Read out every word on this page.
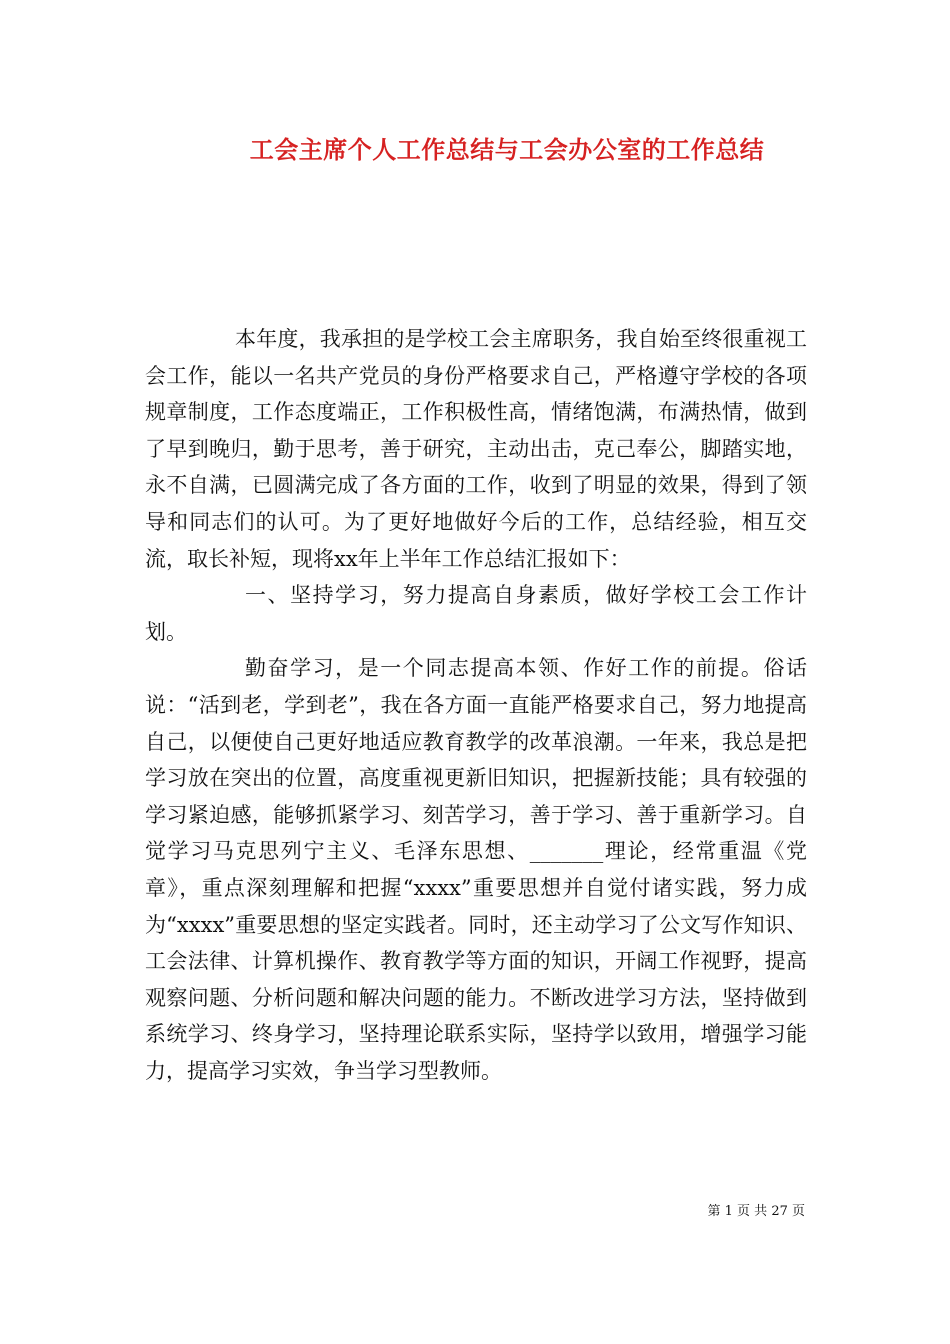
工会主席个人工作总结与工会办公室的工作总结

本年度，我承担的是学校工会主席职务，我自始至终很重视工会工作，能以一名共产党员的身份严格要求自己，严格遵守学校的各项规章制度，工作态度端正，工作积极性高，情绪饱满，布满热情，做到了早到晚归，勤于思考，善于研究，主动出击，克己奉公，脚踏实地，永不自满，已圆满完成了各方面的工作，收到了明显的效果，得到了领导和同志们的认可。为了更好地做好今后的工作，总结经验，相互交流，取长补短，现将xx年上半年工作总结汇报如下：

一、坚持学习，努力提高自身素质，做好学校工会工作计划。

勤奋学习，是一个同志提高本领、作好工作的前提。俗话说：“活到老，学到老”，我在各方面一直能严格要求自己，努力地提高自己，以便使自己更好地适应教育教学的改革浪潮。一年来，我总是把学习放在突出的位置，高度重视更新旧知识，把握新技能；具有较强的学习紧迫感，能够抓紧学习、刻苦学习，善于学习、善于重新学习。自觉学习马克思列宁主义、毛泽东思想、_______理论，经常重温《党章》，重点深刻理解和把握“xxxx”重要思想并自觉付诸实践，努力成为“xxxx”重要思想的坚定实践者。同时，还主动学习了公文写作知识、工会法律、计算机操作、教育教学等方面的知识，开阔工作视野，提高观察问题、分析问题和解决问题的能力。不断改进学习方法，坚持做到系统学习、终身学习，坚持理论联系实际，坚持学以致用，增强学习能力，提高学习实效，争当学习型教师。

第 1 页 共 27 页
